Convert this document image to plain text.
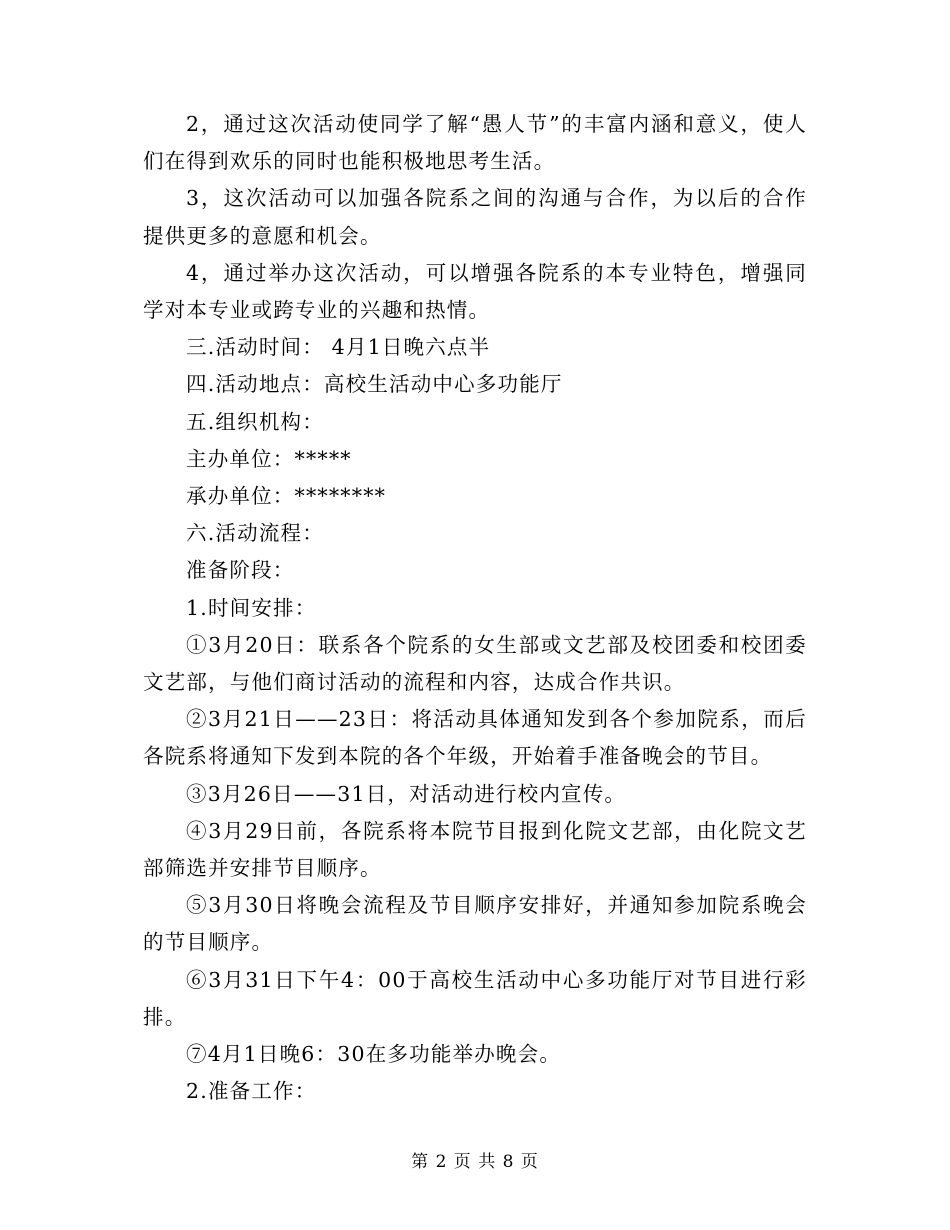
2，通过这次活动使同学了解“愚人节”的丰富内涵和意义，使人们在得到欢乐的同时也能积极地思考生活。

3，这次活动可以加强各院系之间的沟通与合作，为以后的合作提供更多的意愿和机会。

4，通过举办这次活动，可以增强各院系的本专业特色，增强同学对本专业或跨专业的兴趣和热情。

三.活动时间： 4月1日晚六点半

四.活动地点：高校生活动中心多功能厅

五.组织机构：

主办单位：*****

承办单位：********

六.活动流程：

准备阶段：

1.时间安排：

①3月20日：联系各个院系的女生部或文艺部及校团委和校团委文艺部，与他们商讨活动的流程和内容，达成合作共识。

②3月21日——23日：将活动具体通知发到各个参加院系，而后各院系将通知下发到本院的各个年级，开始着手准备晚会的节目。

③3月26日——31日，对活动进行校内宣传。

④3月29日前，各院系将本院节目报到化院文艺部，由化院文艺部筛选并安排节目顺序。

⑤3月30日将晚会流程及节目顺序安排好，并通知参加院系晚会的节目顺序。

⑥3月31日下午4：00于高校生活动中心多功能厅对节目进行彩排。

⑦4月1日晚6：30在多功能举办晚会。

2.准备工作：

第 2 页 共 8 页
